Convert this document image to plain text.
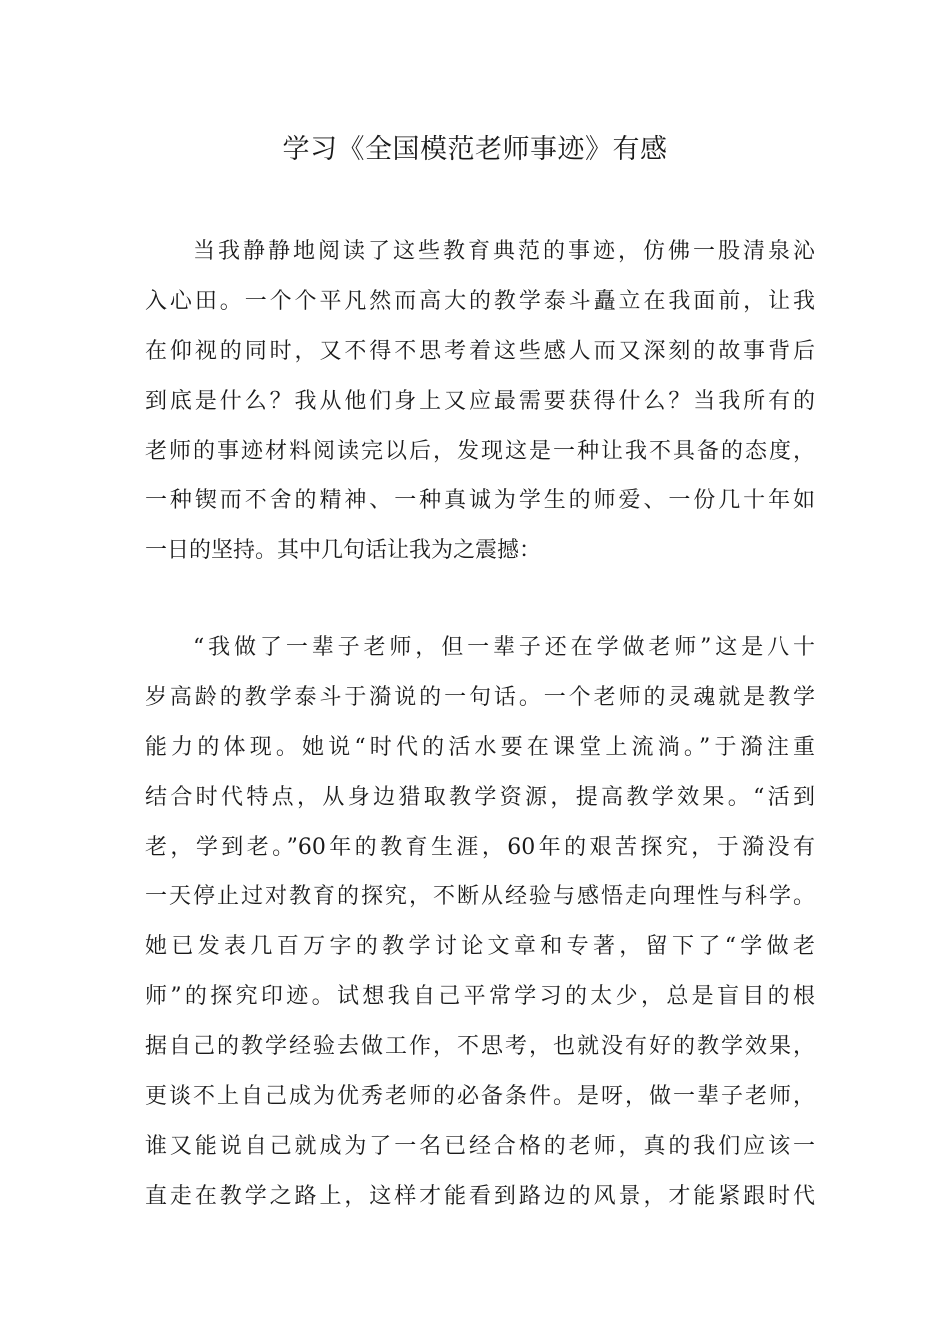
学习《全国模范老师事迹》有感
当我静静地阅读了这些教育典范的事迹，仿佛一股清泉沁
入心田。一个个平凡然而高大的教学泰斗矗立在我面前，让我
在仰视的同时，又不得不思考着这些感人而又深刻的故事背后
到底是什么？我从他们身上又应最需要获得什么？当我所有的
老师的事迹材料阅读完以后，发现这是一种让我不具备的态度，
一种锲而不舍的精神、一种真诚为学生的师爱、一份几十年如
一日的坚持。其中几句话让我为之震撼：
“我做了一辈子老师，但一辈子还在学做老师”这是八十
岁高龄的教学泰斗于漪说的一句话。一个老师的灵魂就是教学
能力的体现。她说“时代的活水要在课堂上流淌。”于漪注重
结合时代特点，从身边猎取教学资源，提高教学效果。“活到
老，学到老。”60年的教育生涯，60年的艰苦探究，于漪没有
一天停止过对教育的探究，不断从经验与感悟走向理性与科学。
她已发表几百万字的教学讨论文章和专著，留下了“学做老
师”的探究印迹。试想我自己平常学习的太少，总是盲目的根
据自己的教学经验去做工作，不思考，也就没有好的教学效果，
更谈不上自己成为优秀老师的必备条件。是呀，做一辈子老师，
谁又能说自己就成为了一名已经合格的老师，真的我们应该一
直走在教学之路上，这样才能看到路边的风景，才能紧跟时代
